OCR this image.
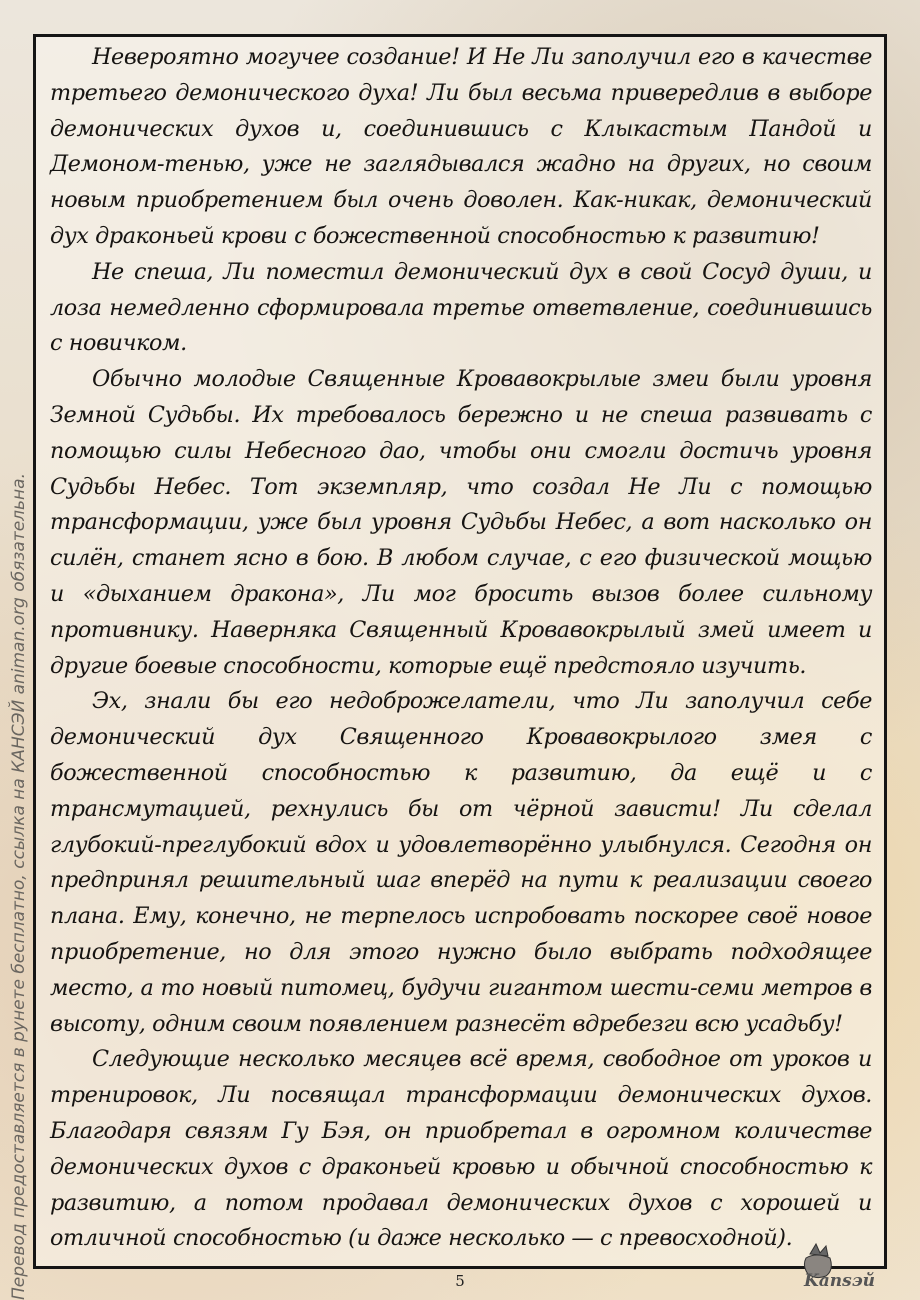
Невероятно могучее создание! И Не Ли заполучил его в качестве третьего демонического духа! Ли был весьма привередлив в выборе демонических духов и, соединившись с Клыкастым Пандой и Демоном-тенью, уже не заглядывался жадно на других, но своим новым приобретением был очень доволен. Как-никак, демонический дух драконьей крови с божественной способностью к развитию!

Не спеша, Ли поместил демонический дух в свой Сосуд души, и лоза немедленно сформировала третье ответвление, соединившись с новичком.

Обычно молодые Священные Кровавокрылые змеи были уровня Земной Судьбы. Их требовалось бережно и не спеша развивать с помощью силы Небесного дао, чтобы они смогли достичь уровня Судьбы Небес. Тот экземпляр, что создал Не Ли с помощью трансформации, уже был уровня Судьбы Небес, а вот насколько он силён, станет ясно в бою. В любом случае, с его физической мощью и «дыханием дракона», Ли мог бросить вызов более сильному противнику. Наверняка Священный Кровавокрылый змей имеет и другие боевые способности, которые ещё предстояло изучить.

Эх, знали бы его недоброжелатели, что Ли заполучил себе демонический дух Священного Кровавокрылого змея с божественной способностью к развитию, да ещё и с трансмутацией, рехнулись бы от чёрной зависти! Ли сделал глубокий-преглубокий вдох и удовлетворённо улыбнулся. Сегодня он предпринял решительный шаг вперёд на пути к реализации своего плана. Ему, конечно, не терпелось испробовать поскорее своё новое приобретение, но для этого нужно было выбрать подходящее место, а то новый питомец, будучи гигантом шести-семи метров в высоту, одним своим появлением разнесёт вдребезги всю усадьбу!

Следующие несколько месяцев всё время, свободное от уроков и тренировок, Ли посвящал трансформации демонических духов. Благодаря связям Гу Бэя, он приобретал в огромном количестве демонических духов с драконьей кровью и обычной способностью к развитию, а потом продавал демонических духов с хорошей и отличной способностью (и даже несколько — с превосходной).

Перевод предоставляется в рунете бесплатно, ссылка на КАНСЭЙ animan.org обязательна.	5	Kansэй
